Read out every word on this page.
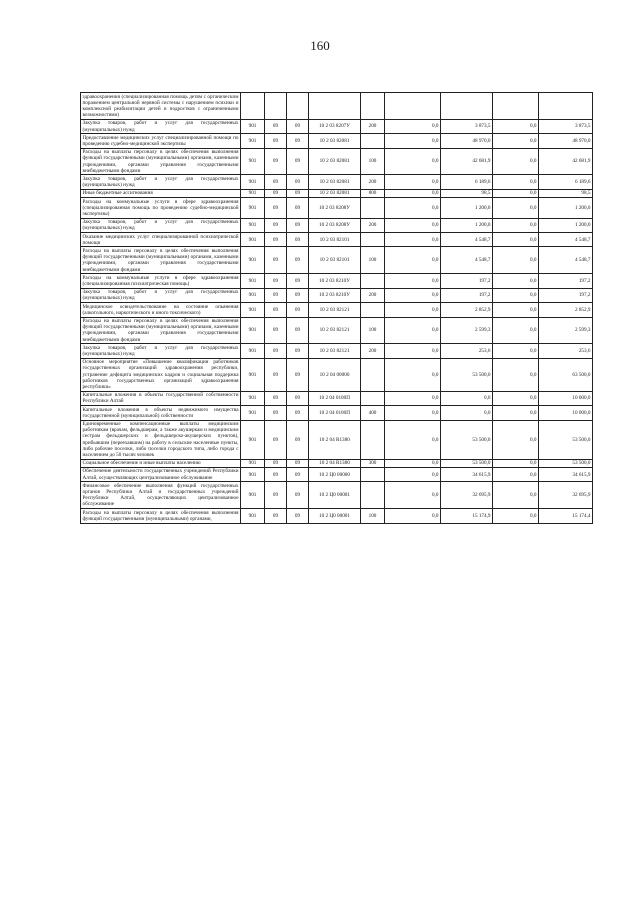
160
здравоохранения (специализированная помощь детям с органическим поражением центральной нервной системы с нарушением психики и комплексной реабилитации детей и подростков с ограниченными возможностями)									
Закупка товаров, работ и услуг для государственных (муниципальных) нужд	901	09	09	10 2 03 8207У	200	0,0	3 873,5	0,0	3 873,5
Предоставление медицинских услуг специализированной помощи по проведению судебно-медицинской экспертизы	901	09	09	10 2 03 82081		0,0	48 970,0	0,0	48 970,0
Расходы на выплаты персоналу в целях обеспечения выполнения функций государственными (муниципальными) органами, казенными учреждениями, органами управления государственными внебюджетными фондами	901	09	09	10 2 03 82081	100	0,0	42 681,9	0,0	42 681,9
Закупка товаров, работ и услуг для государственных (муниципальных) нужд	901	09	09	10 2 03 82081	200	0,0	6 189,6	0,0	6 189,6
Иные бюджетные ассигнования	901	09	09	10 2 03 82081	800	0,0	98,5	0,0	98,5
Расходы на коммунальные услуги в сфере здравоохранения (специализированная помощь по проведению судебно-медицинской экспертизы)	901	09	09	10 2 03 8208У		0,0	1 200,0	0,0	1 200,0
Закупка товаров, работ и услуг для государственных (муниципальных) нужд	901	09	09	10 2 03 8208У	200	0,0	1 200,0	0,0	1 200,0
Оказание медицинских услуг специализированной психиатрической помощи	901	09	09	10 2 03 82101		0,0	4 548,7	0,0	4 548,7
Расходы на выплаты персоналу в целях обеспечения выполнения функций государственными (муниципальными) органами, казенными учреждениями, органами управления государственными внебюджетными фондами	901	09	09	10 2 03 82101	100	0,0	4 548,7	0,0	4 548,7
Расходы на коммунальные услуги в сфере здравоохранения (специализированная психиатрическая помощь)	901	09	09	10 2 03 8210У		0,0	197,2	0,0	197,2
Закупка товаров, работ и услуг для государственных (муниципальных) нужд	901	09	09	10 2 03 8210У	200	0,0	197,2	0,0	197,2
Медицинское освидетельствование на состояние опьянения (алкогольного, наркотического и иного токсического)	901	09	09	10 2 03 82121		0,0	2 852,9	0,0	2 852,9
Расходы на выплаты персоналу в целях обеспечения выполнения функций государственными (муниципальными) органами, казенными учреждениями, органами управления государственными внебюджетными фондами	901	09	09	10 2 03 82121	100	0,0	2 599,3	0,0	2 599,3
Закупка товаров, работ и услуг для государственных (муниципальных) нужд	901	09	09	10 2 03 82121	200	0,0	253,6	0,0	253,6
Основное мероприятие «Повышение квалификации работников государственных организаций здравоохранения республики, устранение дефицита медицинских кадров и социальная поддержка работников государственных организаций здравоохранения республики»	901	09	09	10 2 04 00000		0,0	53 500,0	0,0	63 500,0
Капитальные вложения в объекты государственной собственности Республики Алтай	901	09	09	10 2 04 0100П		0,0	0,0	0,0	10 000,0
Капитальные вложения в объекты недвижимого имущества государственной (муниципальной) собственности	901	09	09	10 2 04 0100П	400	0,0	0,0	0,0	10 000,0
Единовременные компенсационные выплаты медицинским работникам (врачам, фельдшерам, а также акушеркам и медицинским сестрам фельдшерских и фельдшерско-акушерских пунктов), прибывшим (переехавшим) на работу в сельские населенные пункты, либо рабочие поселки, либо поселки городского типа, либо города с населением до 50 тысяч человек	901	09	09	10 2 04 R1380		0,0	53 500,0	0,0	53 500,0
Социальное обеспечение и иные выплаты населению	901	09	09	10 2 04 R1380	300	0,0	53 500,0	0,0	53 500,0
Обеспечение деятельности государственных учреждений Республики Алтай, осуществляющих централизованное обслуживание	901	09	09	10 2 Ц0 00000		0,0	34 615,9	0,0	34 615,9
Финансовое обеспечение выполнения функций государственных органов Республики Алтай и государственных учреждений Республики Алтай, осуществляющих централизованное обслуживание	901	09	09	10 2 Ц0 00001		0,0	32 695,9	0,0	32 695,9
Расходы на выплаты персоналу в целях обеспечения выполнения функций государственными (муниципальными) органами,	901	09	09	10 2 Ц0 00001	100	0,0	15 174,9	0,0	15 174,4
